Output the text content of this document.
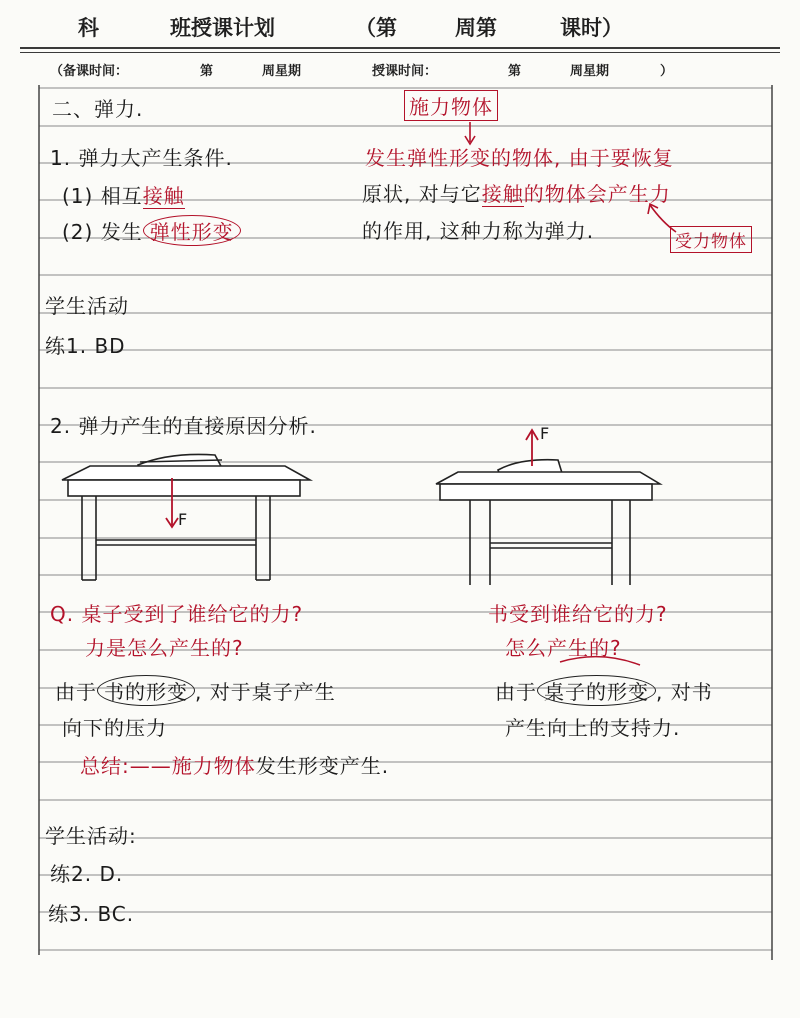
科	班授课计划	（第	周第	课时）
（备课时间：	第	周星期	授课时间：	第	周星期	）
二、弹力.	施力物体
1. 弹力大产生条件.
(1) 相互接触
(2) 发生 弹性形变
发生弹性形变的物体, 由于要恢复
原状, 对与它接触的物体会产生力
的作用, 这种力称为弹力.	受力物体
学生活动
练1. BD
2. 弹力产生的直接原因分析.
F
F
Q. 桌子受到了谁给它的力?
力是怎么产生的?
书受到谁给它的力?
怎么产生的?
由于 书的形变 , 对于桌子产生
向下的压力
由于 桌子的形变 , 对书
产生向上的支持力.
总结:——施力物体发生形变产生.
学生活动:
练2. D.
练3. BC.
